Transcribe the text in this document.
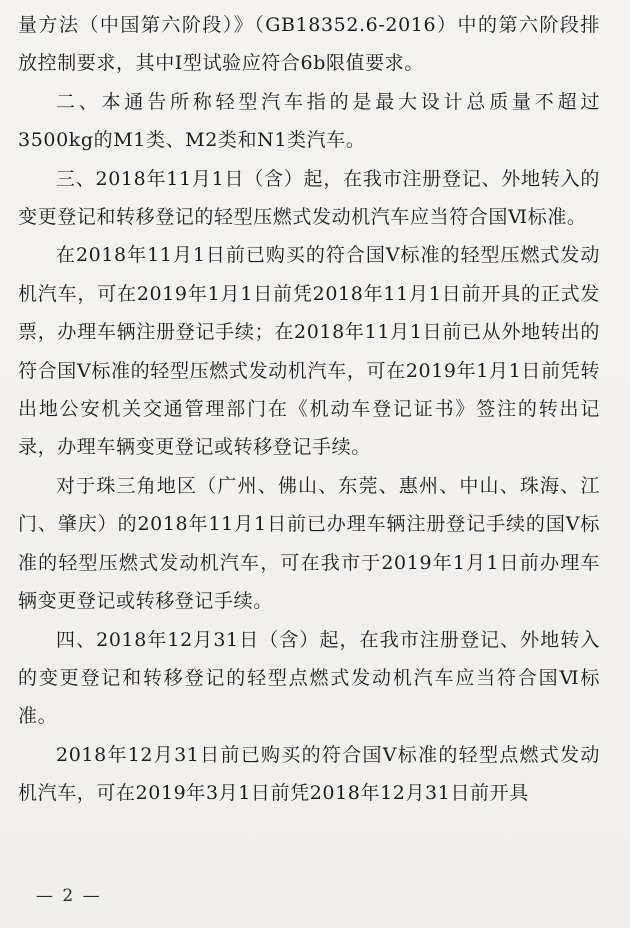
量方法（中国第六阶段）》（GB18352.6-2016）中的第六阶段排放控制要求，其中Ⅰ型试验应符合6b限值要求。

二、本通告所称轻型汽车指的是最大设计总质量不超过3500kg的M1类、M2类和N1类汽车。

三、2018年11月1日（含）起，在我市注册登记、外地转入的变更登记和转移登记的轻型压燃式发动机汽车应当符合国Ⅵ标准。

在2018年11月1日前已购买的符合国Ⅴ标准的轻型压燃式发动机汽车，可在2019年1月1日前凭2018年11月1日前开具的正式发票，办理车辆注册登记手续；在2018年11月1日前已从外地转出的符合国Ⅴ标准的轻型压燃式发动机汽车，可在2019年1月1日前凭转出地公安机关交通管理部门在《机动车登记证书》签注的转出记录，办理车辆变更登记或转移登记手续。

对于珠三角地区（广州、佛山、东莞、惠州、中山、珠海、江门、肇庆）的2018年11月1日前已办理车辆注册登记手续的国Ⅴ标准的轻型压燃式发动机汽车，可在我市于2019年1月1日前办理车辆变更登记或转移登记手续。

四、2018年12月31日（含）起，在我市注册登记、外地转入的变更登记和转移登记的轻型点燃式发动机汽车应当符合国Ⅵ标准。

2018年12月31日前已购买的符合国Ⅴ标准的轻型点燃式发动机汽车，可在2019年3月1日前凭2018年12月31日前开具

— 2 —
